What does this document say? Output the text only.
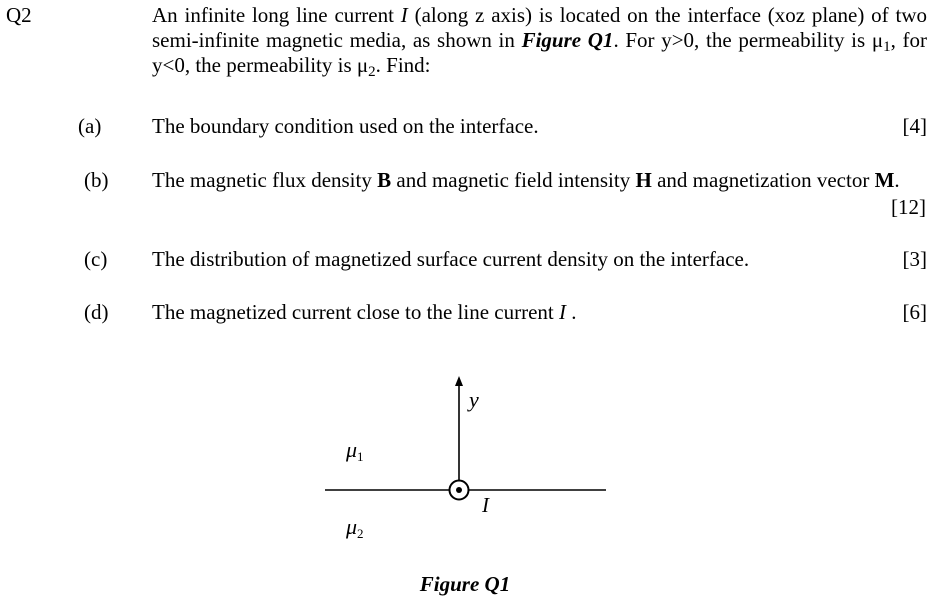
Q2	An infinite long line current I (along z axis) is located on the interface (xoz plane) of two semi-infinite magnetic media, as shown in Figure Q1. For y>0, the permeability is $\mu_1$, for y<0, the permeability is $\mu_2$. Find:
(a) The boundary condition used on the interface.	[4]
(b) The magnetic flux density B and magnetic field intensity H and magnetization vector M.
[12]
(c) The distribution of magnetized surface current density on the interface.	[3]
(d) The magnetized current close to the line current I .	[6]
y
μ1
μ2
I
Figure Q1
